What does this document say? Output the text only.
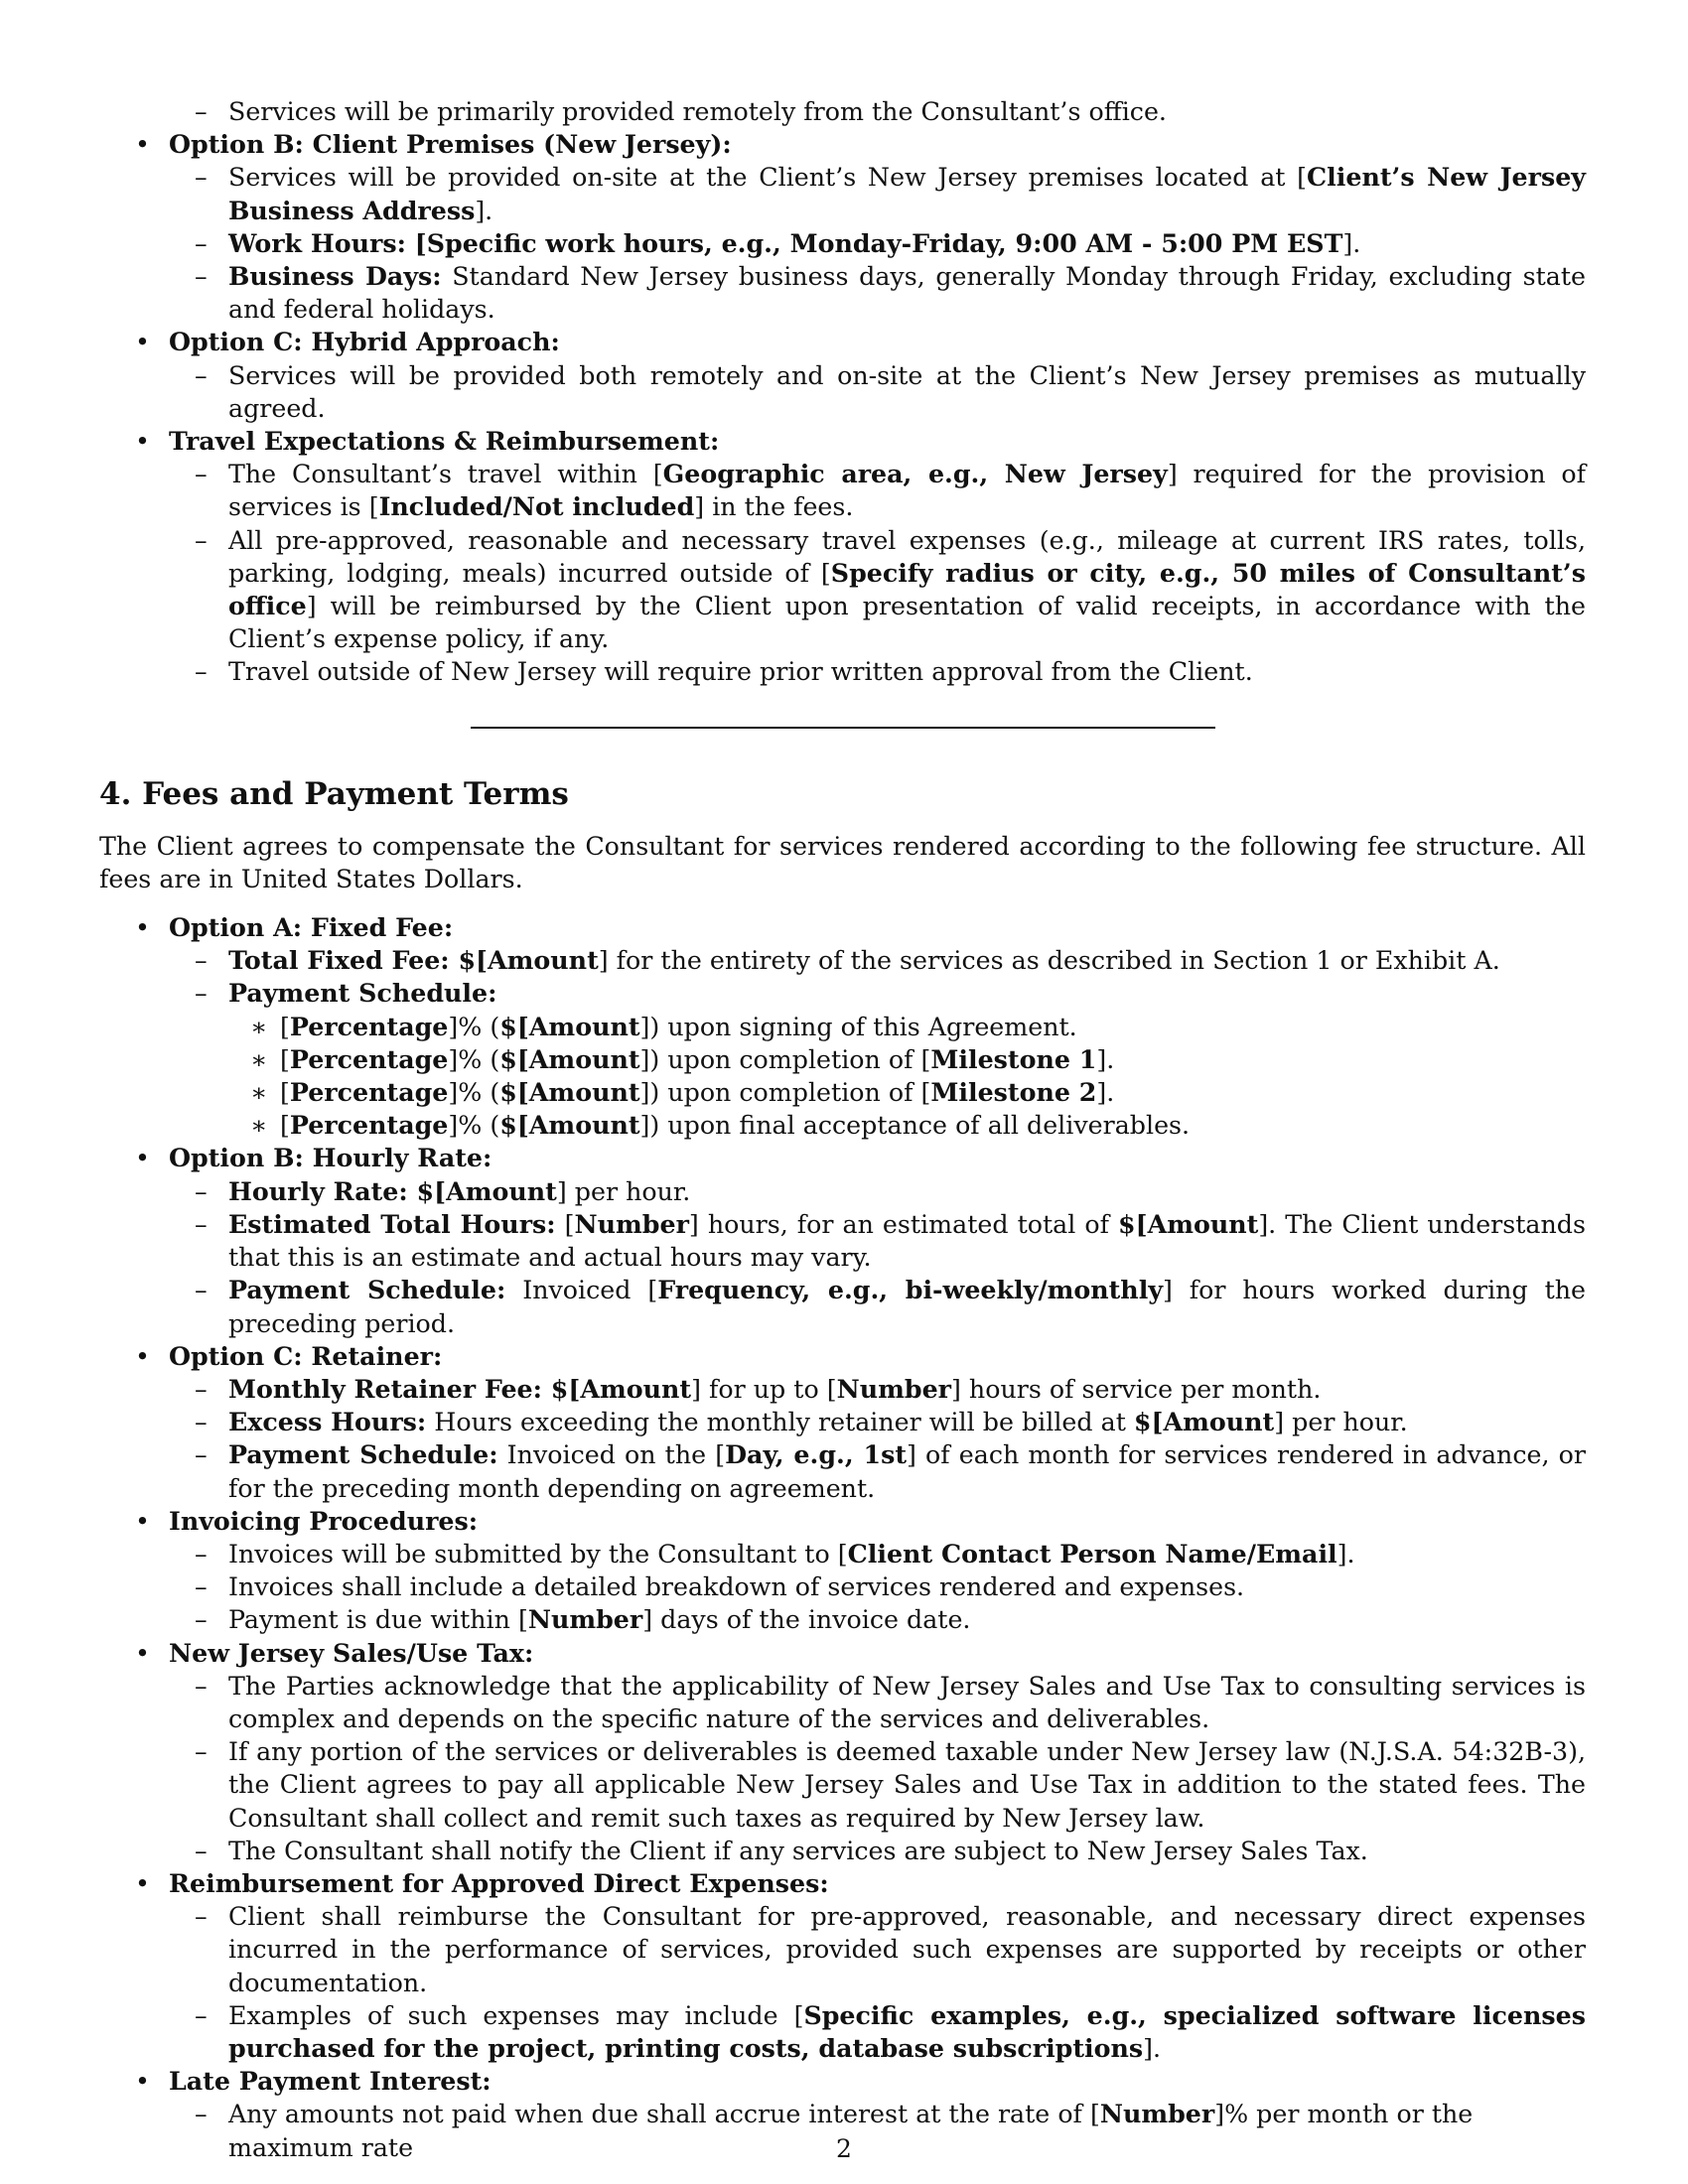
– Services will be primarily provided remotely from the Consultant’s office.
• Option B: Client Premises (New Jersey):
– Services will be provided on-site at the Client’s New Jersey premises located at [Client’s New Jersey Business Address].
– Work Hours: [Specific work hours, e.g., Monday-Friday, 9:00 AM - 5:00 PM EST].
– Business Days: Standard New Jersey business days, generally Monday through Friday, excluding state and federal holidays.
• Option C: Hybrid Approach:
– Services will be provided both remotely and on-site at the Client’s New Jersey premises as mutually agreed.
• Travel Expectations & Reimbursement:
– The Consultant’s travel within [Geographic area, e.g., New Jersey] required for the provision of services is [Included/Not included] in the fees.
– All pre-approved, reasonable and necessary travel expenses (e.g., mileage at current IRS rates, tolls, parking, lodging, meals) incurred outside of [Specify radius or city, e.g., 50 miles of Consultant’s office] will be reimbursed by the Client upon presentation of valid receipts, in accordance with the Client’s expense policy, if any.
– Travel outside of New Jersey will require prior written approval from the Client.
4. Fees and Payment Terms

The Client agrees to compensate the Consultant for services rendered according to the following fee structure. All fees are in United States Dollars.

• Option A: Fixed Fee:
– Total Fixed Fee: $[Amount] for the entirety of the services as described in Section 1 or Exhibit A.
– Payment Schedule:
∗ [Percentage]% ($[Amount]) upon signing of this Agreement.
∗ [Percentage]% ($[Amount]) upon completion of [Milestone 1].
∗ [Percentage]% ($[Amount]) upon completion of [Milestone 2].
∗ [Percentage]% ($[Amount]) upon final acceptance of all deliverables.
• Option B: Hourly Rate:
– Hourly Rate: $[Amount] per hour.
– Estimated Total Hours: [Number] hours, for an estimated total of $[Amount]. The Client understands that this is an estimate and actual hours may vary.
– Payment Schedule: Invoiced [Frequency, e.g., bi-weekly/monthly] for hours worked during the preceding period.
• Option C: Retainer:
– Monthly Retainer Fee: $[Amount] for up to [Number] hours of service per month.
– Excess Hours: Hours exceeding the monthly retainer will be billed at $[Amount] per hour.
– Payment Schedule: Invoiced on the [Day, e.g., 1st] of each month for services rendered in advance, or for the preceding month depending on agreement.
• Invoicing Procedures:
– Invoices will be submitted by the Consultant to [Client Contact Person Name/Email].
– Invoices shall include a detailed breakdown of services rendered and expenses.
– Payment is due within [Number] days of the invoice date.
• New Jersey Sales/Use Tax:
– The Parties acknowledge that the applicability of New Jersey Sales and Use Tax to consulting services is complex and depends on the specific nature of the services and deliverables.
– If any portion of the services or deliverables is deemed taxable under New Jersey law (N.J.S.A. 54:32B-3), the Client agrees to pay all applicable New Jersey Sales and Use Tax in addition to the stated fees. The Consultant shall collect and remit such taxes as required by New Jersey law.
– The Consultant shall notify the Client if any services are subject to New Jersey Sales Tax.
• Reimbursement for Approved Direct Expenses:
– Client shall reimburse the Consultant for pre-approved, reasonable, and necessary direct expenses incurred in the performance of services, provided such expenses are supported by receipts or other documentation.
– Examples of such expenses may include [Specific examples, e.g., specialized software licenses purchased for the project, printing costs, database subscriptions].
• Late Payment Interest:
– Any amounts not paid when due shall accrue interest at the rate of [Number]% per month or the maximum rate	2
